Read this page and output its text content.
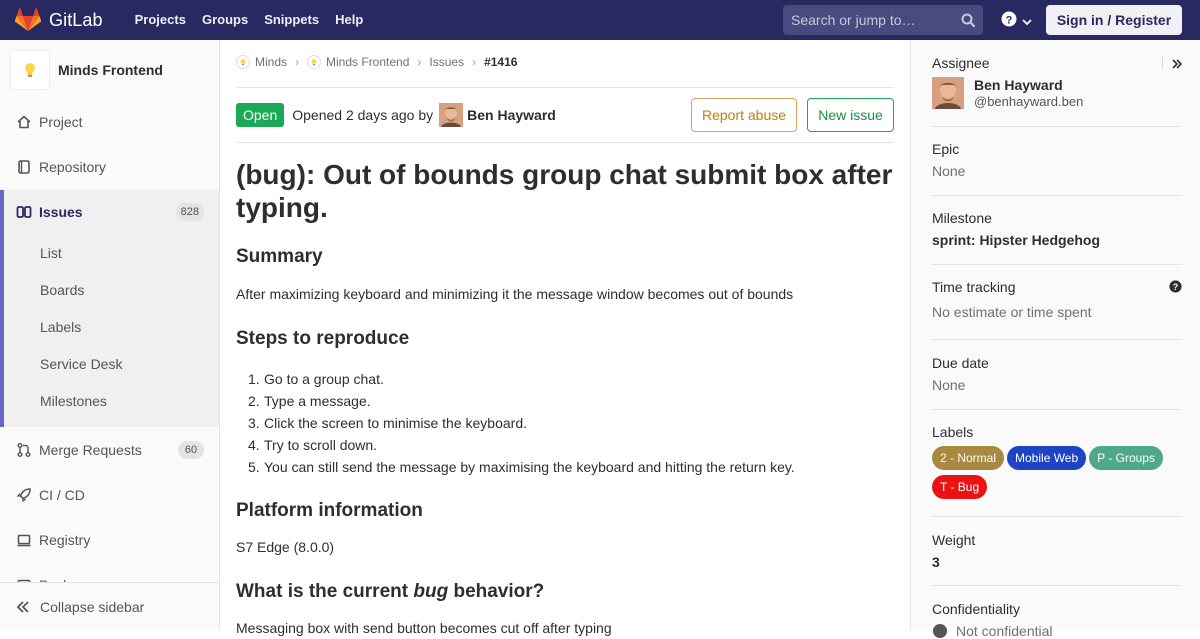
GitLab	Projects	Groups	Snippets	Help
Search or jump to…	?	Sign in / Register
Minds Frontend
Project
Repository
Issues	828
List
Boards
Labels
Service Desk
Milestones
Merge Requests	60
CI / CD
Registry
Collapse sidebar
Minds › Minds Frontend › Issues › #1416
Open	Opened 2 days ago by Ben Hayward	Report abuse	New issue
(bug): Out of bounds group chat submit box after typing.
Summary

After maximizing keyboard and minimizing it the message window becomes out of bounds

Steps to reproduce
1. Go to a group chat.
2. Type a message.
3. Click the screen to minimise the keyboard.
4. Try to scroll down.
5. You can still send the message by maximising the keyboard and hitting the return key.
Platform information

S7 Edge (8.0.0)

What is the current bug behavior?

Messaging box with send button becomes cut off after typing

Assignee
Ben Hayward
@benhayward.ben
Epic
None
Milestone
sprint: Hipster Hedgehog
Time tracking	?
No estimate or time spent
Due date
None
Labels
2 - Normal Mobile Web P - GroupsT - Bug
Weight
3
Confidentiality
Not confidential
